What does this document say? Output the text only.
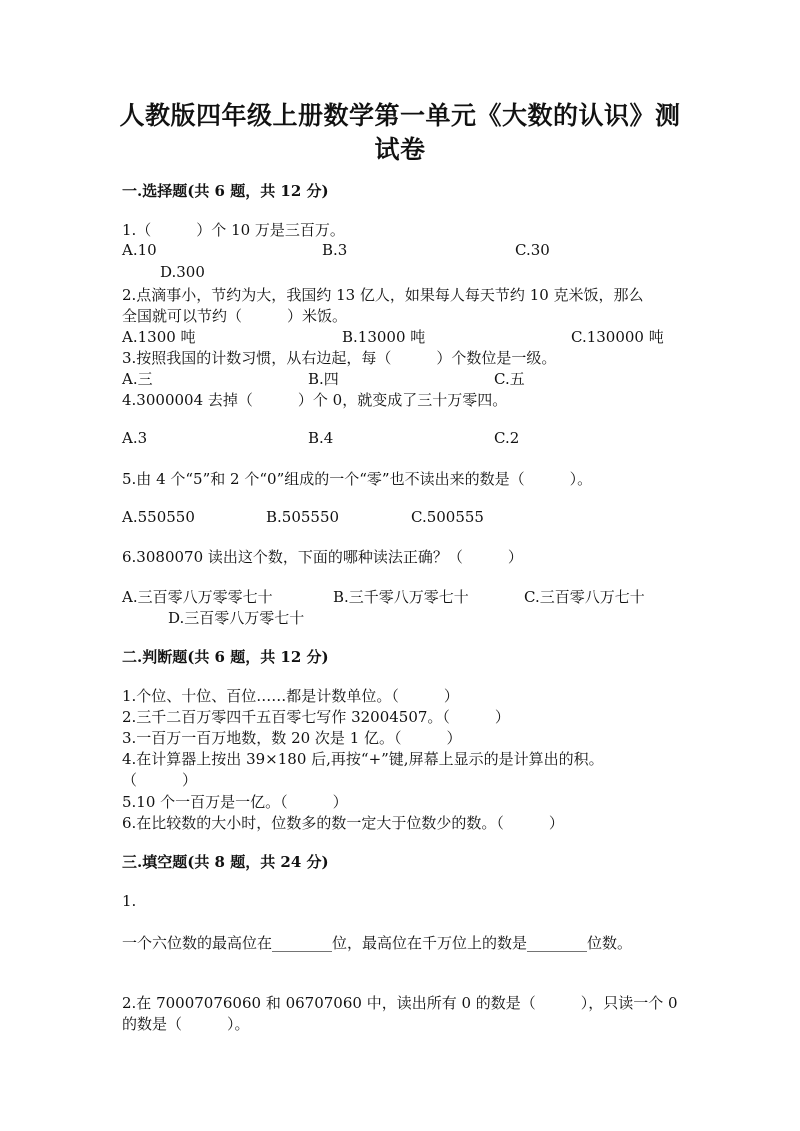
人教版四年级上册数学第一单元《大数的认识》测
试卷
一.选择题(共 6 题，共 12 分)
1.（　　　）个 10 万是三百万。
A.10	B.3	C.30
D.300
2.点滴事小，节约为大，我国约 13 亿人，如果每人每天节约 10 克米饭，那么
全国就可以节约（　　　）米饭。
A.1300 吨	B.13000 吨	C.130000 吨
3.按照我国的计数习惯，从右边起，每（　　　）个数位是一级。
A.三	B.四	C.五
4.3000004 去掉（　　　）个 0，就变成了三十万零四。
A.3	B.4	C.2
5.由 4 个“5”和 2 个“0”组成的一个“零”也不读出来的数是（　　　）。
A.550550	B.505550	C.500555
6.3080070 读出这个数，下面的哪种读法正确？（　　　）
A.三百零八万零零七十	B.三千零八万零七十	C.三百零八万七十
D.三百零八万零七十
二.判断题(共 6 题，共 12 分)
1.个位、十位、百位……都是计数单位。（　　　）
2.三千二百万零四千五百零七写作 32004507。（　　　）
3.一百万一百万地数，数 20 次是 1 亿。（　　　）
4.在计算器上按出 39×180 后,再按“+”键,屏幕上显示的是计算出的积。
（　　　）
5.10 个一百万是一亿。（　　　）
6.在比较数的大小时，位数多的数一定大于位数少的数。（　　　）
三.填空题(共 8 题，共 24 分)
1.
一个六位数的最高位在________位，最高位在千万位上的数是________位数。
2.在 70007076060 和 06707060 中，读出所有 0 的数是（　　　），只读一个 0
的数是（　　　）。
